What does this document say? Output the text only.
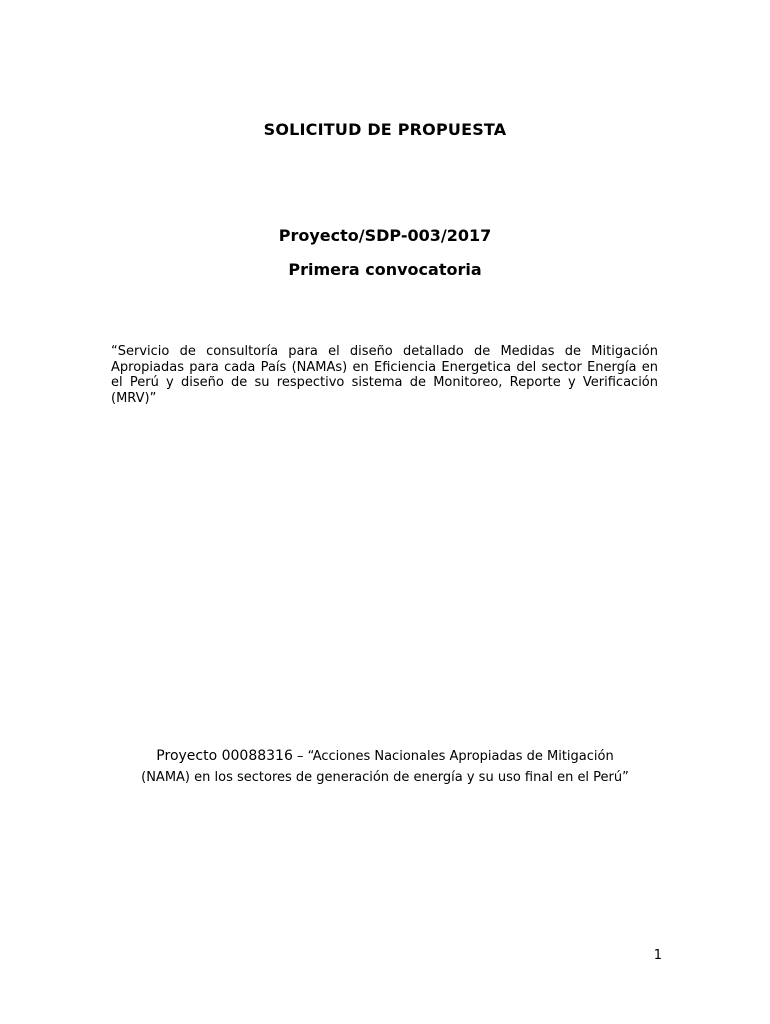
SOLICITUD DE PROPUESTA
Proyecto/SDP-003/2017
Primera convocatoria

“Servicio de consultoría para el diseño detallado de Medidas de Mitigación Apropiadas para cada País (NAMAs) en Eficiencia Energetica del sector Energía en el Perú y diseño de su respectivo sistema de Monitoreo, Reporte y Verificación (MRV)”

Proyecto 00088316 – “Acciones Nacionales Apropiadas de Mitigación
(NAMA) en los sectores de generación de energía y su uso final en el Perú”
1
